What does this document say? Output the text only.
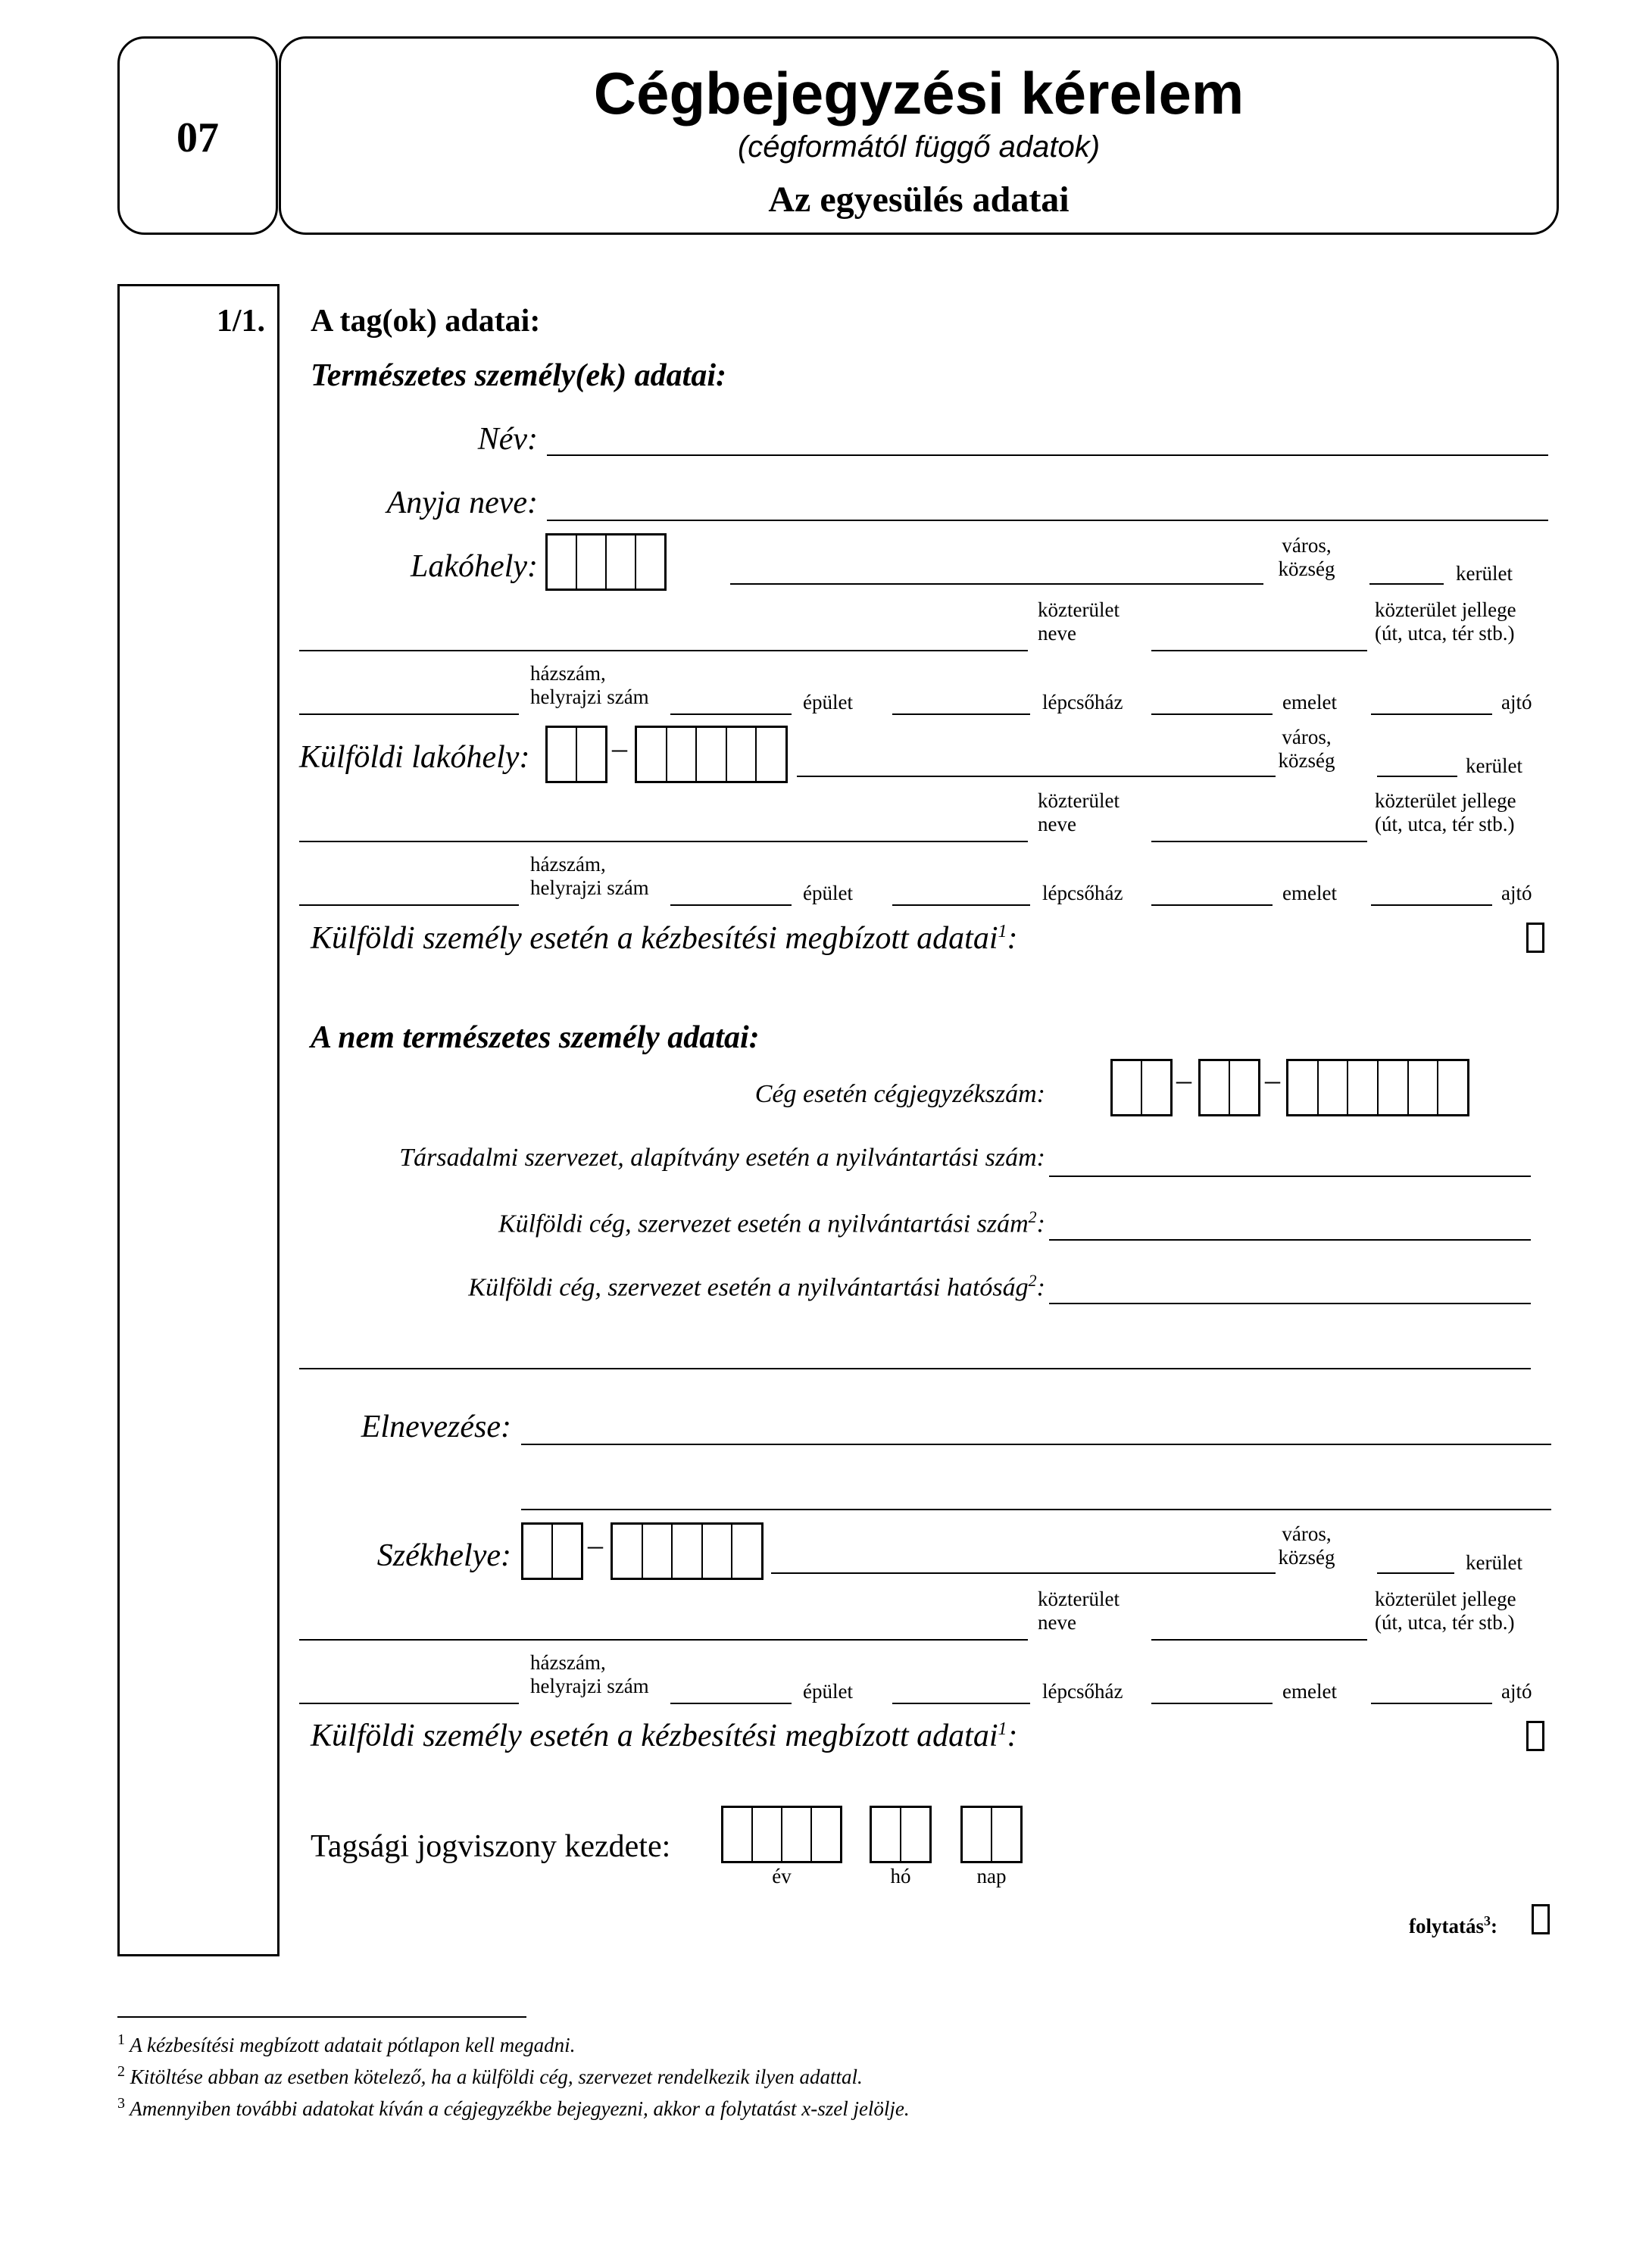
07
Cégbejegyzési kérelem
(cégformától függő adatok)
Az egyesülés adatai
1/1. A tag(ok) adatai:
Természetes személy(ek) adatai:
Név:
Anyja neve:
Lakóhely:
város,
község	kerület
közterület
neve
közterület jellege
(út, utca, tér stb.)
házszám,
helyrajzi szám	épület	lépcsőház	emelet	ajtó
Külföldi lakóhely:	–	város,
község	kerület
közterület
neve
közterület jellege
(út, utca, tér stb.)
házszám,
helyrajzi szám	épület	lépcsőház	emelet	ajtó
Külföldi személy esetén a kézbesítési megbízott adatai$^1$:
A nem természetes személy adatai:
Cég esetén cégjegyzékszám:	– –
Társadalmi szervezet, alapítvány esetén a nyilvántartási szám:
Külföldi cég, szervezet esetén a nyilvántartási szám$^2$:
Külföldi cég, szervezet esetén a nyilvántartási hatóság$^2$:
Elnevezése:
Székhelye:	–	város,
község	kerület
közterület
neve
közterület jellege
(út, utca, tér stb.)
házszám,
helyrajzi szám	épület	lépcsőház	emelet	ajtó
Külföldi személy esetén a kézbesítési megbízott adatai$^1$:
Tagsági jogviszony kezdete:
év	hó	nap
folytatás$^3$:
$^1$ A kézbesítési megbízott adatait pótlapon kell megadni.
$^2$ Kitöltése abban az esetben kötelező, ha a külföldi cég, szervezet rendelkezik ilyen adattal.
$^3$ Amennyiben további adatokat kíván a cégjegyzékbe bejegyezni, akkor a folytatást x-szel jelölje.
